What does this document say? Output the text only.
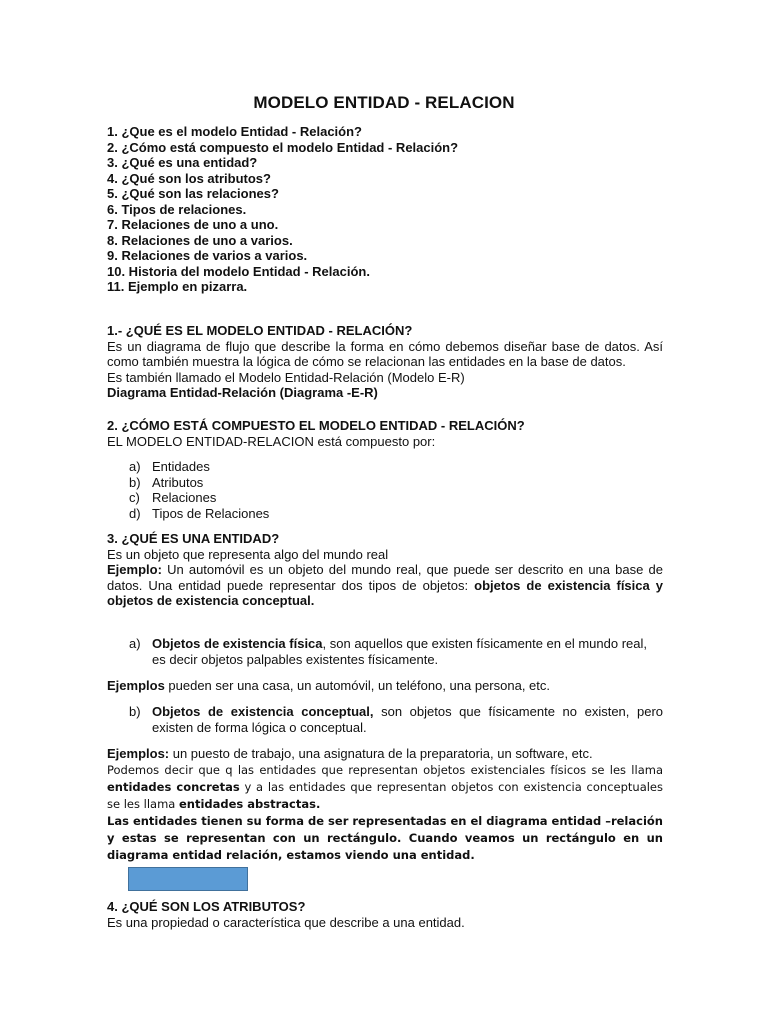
MODELO ENTIDAD - RELACION
1. ¿Que es el modelo Entidad - Relación?
2. ¿Cómo está compuesto el modelo Entidad - Relación?
3. ¿Qué es una entidad?
4. ¿Qué son los atributos?
5. ¿Qué son las relaciones?
6. Tipos de relaciones.
7. Relaciones de uno a uno.
8. Relaciones de uno a varios.
9. Relaciones de varios a varios.
10. Historia del modelo Entidad - Relación.
11. Ejemplo en pizarra.
1.- ¿QUÉ ES EL MODELO ENTIDAD - RELACIÓN?
Es un diagrama de flujo que describe la forma en cómo debemos diseñar base de datos. Así como también muestra la lógica de cómo se relacionan las entidades en la base de datos.
Es también llamado el Modelo Entidad-Relación (Modelo E-R)
Diagrama Entidad-Relación (Diagrama -E-R)
2. ¿CÓMO ESTÁ COMPUESTO EL MODELO ENTIDAD - RELACIÓN?
EL MODELO ENTIDAD-RELACION está compuesto por:
a) Entidades
b) Atributos
c) Relaciones
d) Tipos de Relaciones
3. ¿QUÉ ES UNA ENTIDAD?
Es un objeto que representa algo del mundo real
Ejemplo: Un automóvil es un objeto del mundo real, que puede ser descrito en una base de datos. Una entidad puede representar dos tipos de objetos: objetos de existencia física y objetos de existencia conceptual.
a) Objetos de existencia física, son aquellos que existen físicamente en el mundo real, es decir objetos palpables existentes físicamente.
Ejemplos pueden ser una casa, un automóvil, un teléfono, una persona, etc.
b) Objetos de existencia conceptual, son objetos que físicamente no existen, pero existen de forma lógica o conceptual.
Ejemplos: un puesto de trabajo, una asignatura de la preparatoria, un software, etc.
Podemos decir que q las entidades que representan objetos existenciales físicos se les llama entidades concretas y a las entidades que representan objetos con existencia conceptuales se les llama entidades abstractas.
Las entidades tienen su forma de ser representadas en el diagrama entidad –relación y estas se representan con un rectángulo. Cuando veamos un rectángulo en un diagrama entidad relación, estamos viendo una entidad.
4. ¿QUÉ SON LOS ATRIBUTOS?
Es una propiedad o característica que describe a una entidad.
